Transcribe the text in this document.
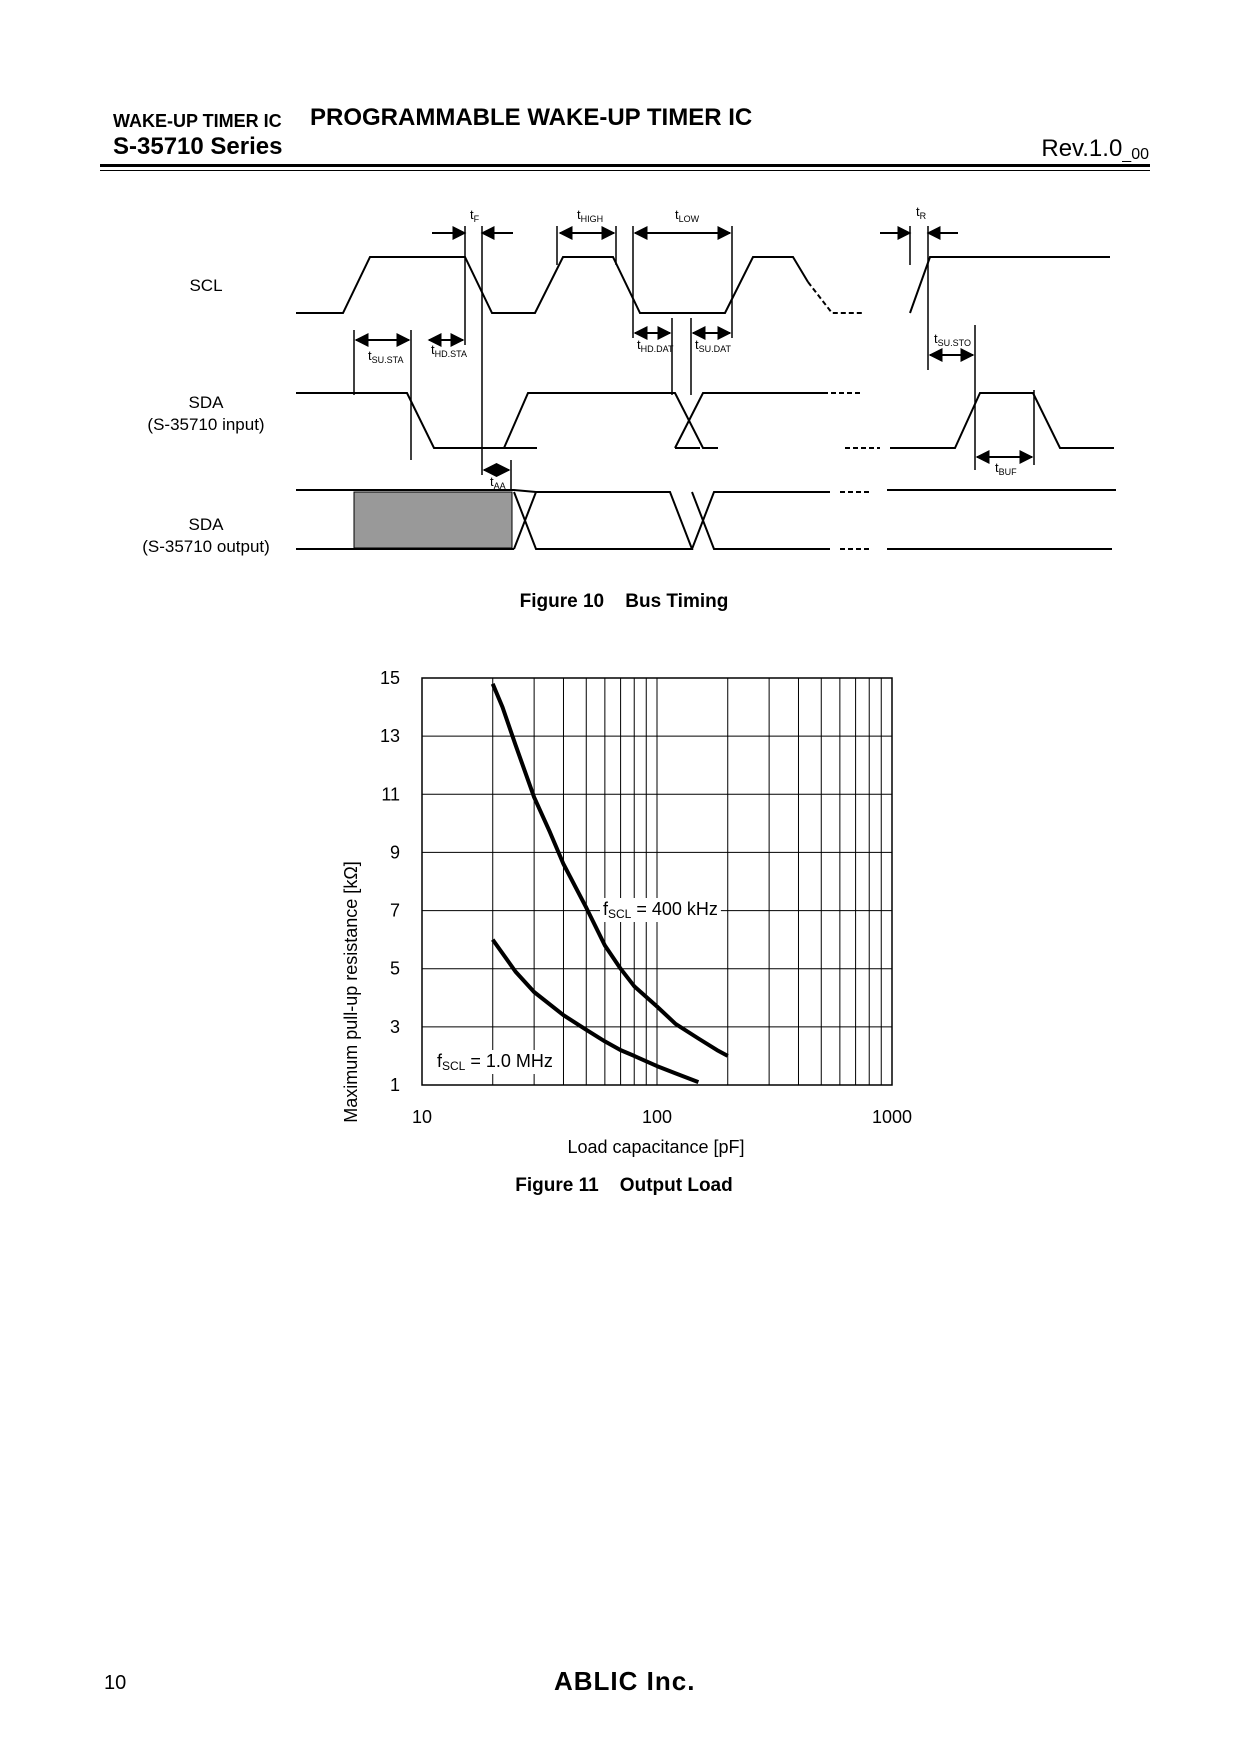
WAKE-UP TIMER IC PROGRAMMABLE WAKE-UP TIMER IC
S-35710 Series	$Rev.1.0_{\_00}$
SCL
SDA
(S-35710 input)
SDA
(S-35710 output)
$t_F$	$t_{HIGH}$	$t_{LOW}$	$t_R$
$t_{SU.STA}$
$t_{HD.STA}$
$t_{HD.DAT}$ $t_{SU.DAT}$
$t_{SU.STO}$
$t_{AA}$
$t_{BUF}$
Figure 10    Bus Timing
1
3
5
7
9
11
13
15
10	100	1000
fSCL = 400 kHz
fSCL = 1.0 MHz
Load capacitance [pF]
Maximum pull-up resistance [kΩ]
Figure 11    Output Load
10	ABLIC Inc.
